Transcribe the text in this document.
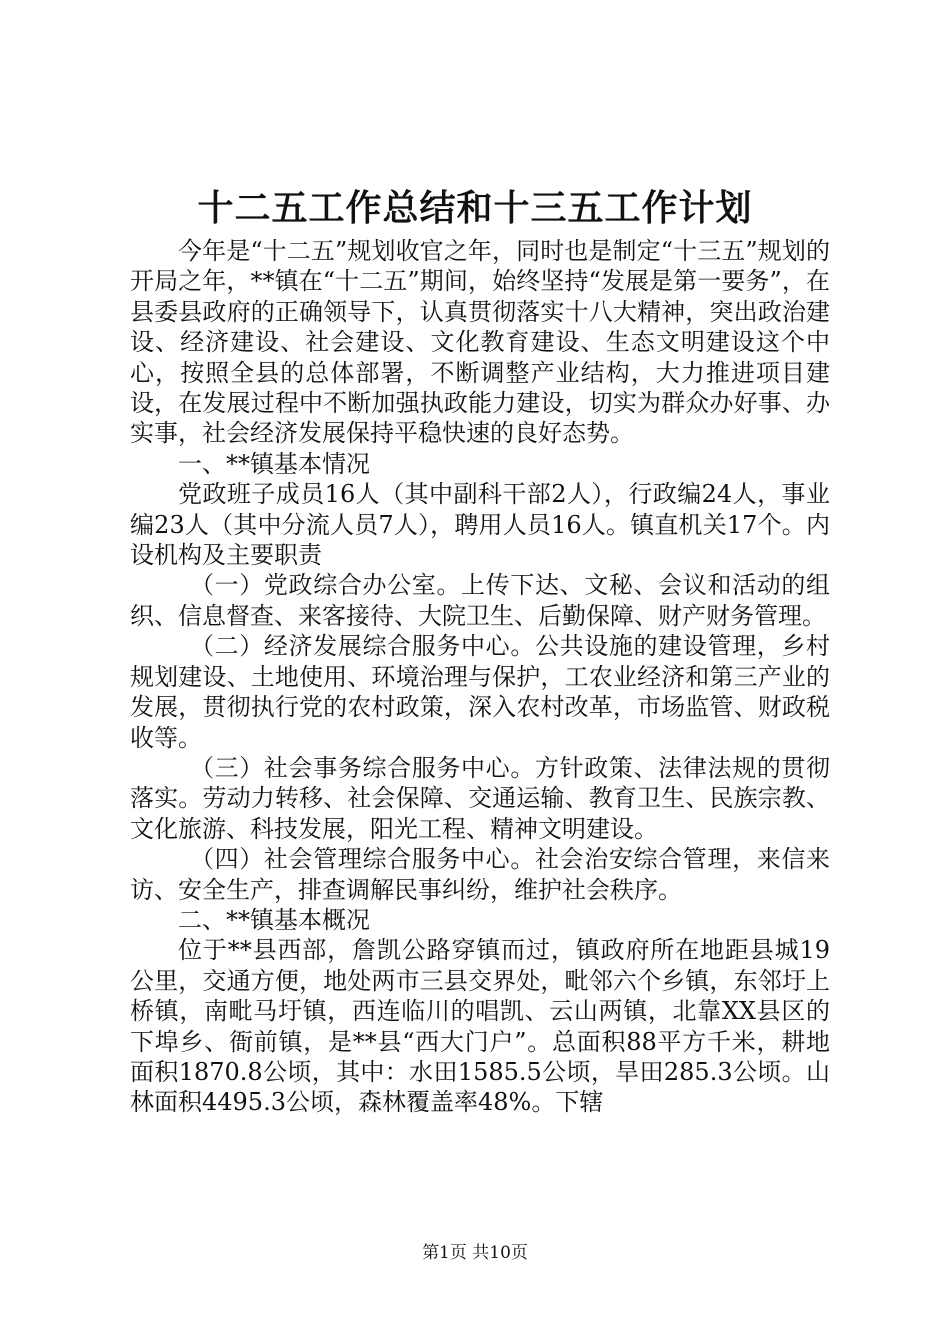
十二五工作总结和十三五工作计划

今年是“十二五”规划收官之年，同时也是制定“十三五”规划的开局之年，**镇在“十二五”期间，始终坚持“发展是第一要务”，在县委县政府的正确领导下，认真贯彻落实十八大精神，突出政治建设、经济建设、社会建设、文化教育建设、生态文明建设这个中心，按照全县的总体部署，不断调整产业结构，大力推进项目建设，在发展过程中不断加强执政能力建设，切实为群众办好事、办实事，社会经济发展保持平稳快速的良好态势。

一、**镇基本情况

党政班子成员16人（其中副科干部2人），行政编24人，事业编23人（其中分流人员7人），聘用人员16人。镇直机关17个。内设机构及主要职责

（一）党政综合办公室。上传下达、文秘、会议和活动的组织、信息督查、来客接待、大院卫生、后勤保障、财产财务管理。

（二）经济发展综合服务中心。公共设施的建设管理，乡村规划建设、土地使用、环境治理与保护，工农业经济和第三产业的发展，贯彻执行党的农村政策，深入农村改革，市场监管、财政税收等。

（三）社会事务综合服务中心。方针政策、法律法规的贯彻落实。劳动力转移、社会保障、交通运输、教育卫生、民族宗教、文化旅游、科技发展，阳光工程、精神文明建设。

（四）社会管理综合服务中心。社会治安综合管理，来信来访、安全生产，排查调解民事纠纷，维护社会秩序。

二、**镇基本概况

位于**县西部，詹凯公路穿镇而过，镇政府所在地距县城19公里，交通方便，地处两市三县交界处，毗邻六个乡镇，东邻圩上桥镇，南毗马圩镇，西连临川的唱凯、云山两镇，北靠XX县区的下埠乡、衙前镇，是**县“西大门户”。总面积88平方千米，耕地面积1870.8公顷，其中：水田1585.5公顷，旱田285.3公顷。山林面积4495.3公顷，森林覆盖率48%。下辖

第1页 共10页
